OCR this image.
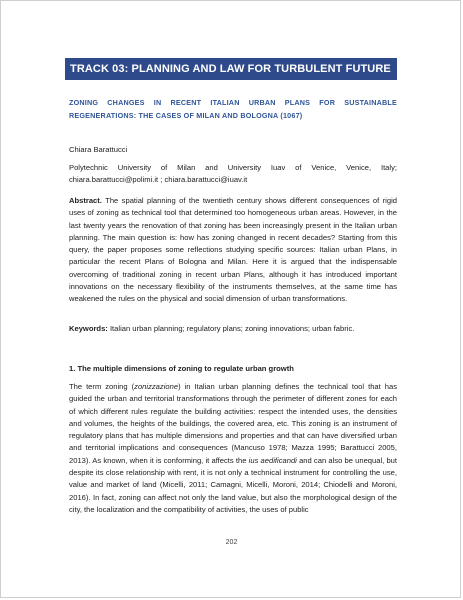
TRACK 03: PLANNING AND LAW FOR TURBULENT FUTURE
ZONING CHANGES IN RECENT ITALIAN URBAN PLANS FOR SUSTAINABLE REGENERATIONS: THE CASES OF MILAN AND BOLOGNA (1067)
Chiara Barattucci
Polytechnic University of Milan and University Iuav of Venice, Venice, Italy; chiara.barattucci@polimi.it ; chiara.barattucci@iuav.it
Abstract. The spatial planning of the twentieth century shows different consequences of rigid uses of zoning as technical tool that determined too homogeneous urban areas. However, in the last twenty years the renovation of that zoning has been increasingly present in the Italian urban planning. The main question is: how has zoning changed in recent decades? Starting from this query, the paper proposes some reflections studying specific sources: Italian urban Plans, in particular the recent Plans of Bologna and Milan. Here it is argued that the indispensable overcoming of traditional zoning in recent urban Plans, although it has introduced important innovations on the necessary flexibility of the instruments themselves, at the same time has weakened the rules on the physical and social dimension of urban transformations.
Keywords: Italian urban planning; regulatory plans; zoning innovations; urban fabric.
1. The multiple dimensions of zoning to regulate urban growth
The term zoning (zonizzazione) in Italian urban planning defines the technical tool that has guided the urban and territorial transformations through the perimeter of different zones for each of which different rules regulate the building activities: respect the intended uses, the densities and volumes, the heights of the buildings, the covered area, etc. This zoning is an instrument of regulatory plans that has multiple dimensions and properties and that can have diversified urban and territorial implications and consequences (Mancuso 1978; Mazza 1995; Barattucci 2005, 2013). As known, when it is conforming, it affects the ius aedificandi and can also be unequal, but despite its close relationship with rent, it is not only a technical instrument for controlling the use, value and market of land (Micelli, 2011; Camagni, Micelli, Moroni, 2014; Chiodelli and Moroni, 2016). In fact, zoning can affect not only the land value, but also the morphological design of the city, the localization and the compatibility of activities, the uses of public
202
